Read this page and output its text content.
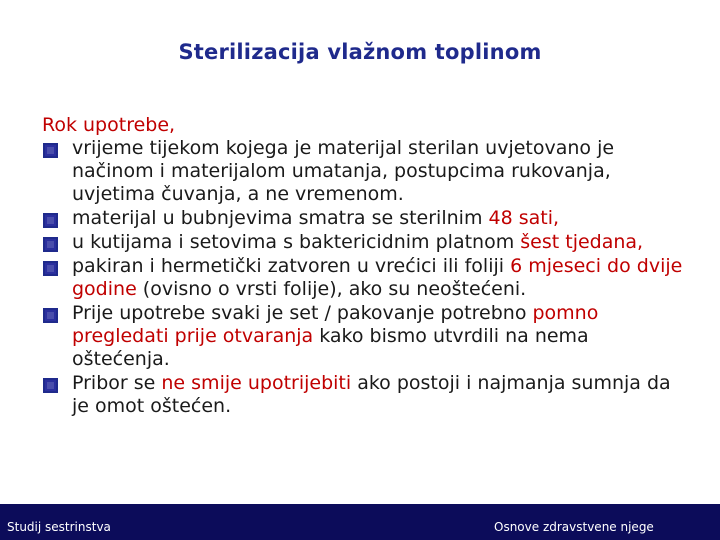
Sterilizacija vlažnom toplinom

Rok upotrebe,

vrijeme tijekom kojega je materijal sterilan uvjetovano je načinom i materijalom umatanja, postupcima rukovanja, uvjetima čuvanja, a ne vremenom.
materijal u bubnjevima smatra se sterilnim 48 sati,
u kutijama i setovima s baktericidnim platnom šest tjedana,
pakiran i hermetički zatvoren u vrećici ili foliji 6 mjeseci do dvije godine (ovisno o vrsti folije), ako su neoštećeni.
Prije upotrebe svaki je set / pakovanje potrebno pomno pregledati prije otvaranja kako bismo utvrdili na nema oštećenja.
Pribor se ne smije upotrijebiti ako postoji i najmanja sumnja da je omot oštećen.
Studij sestrinstva	Osnove zdravstvene njege
